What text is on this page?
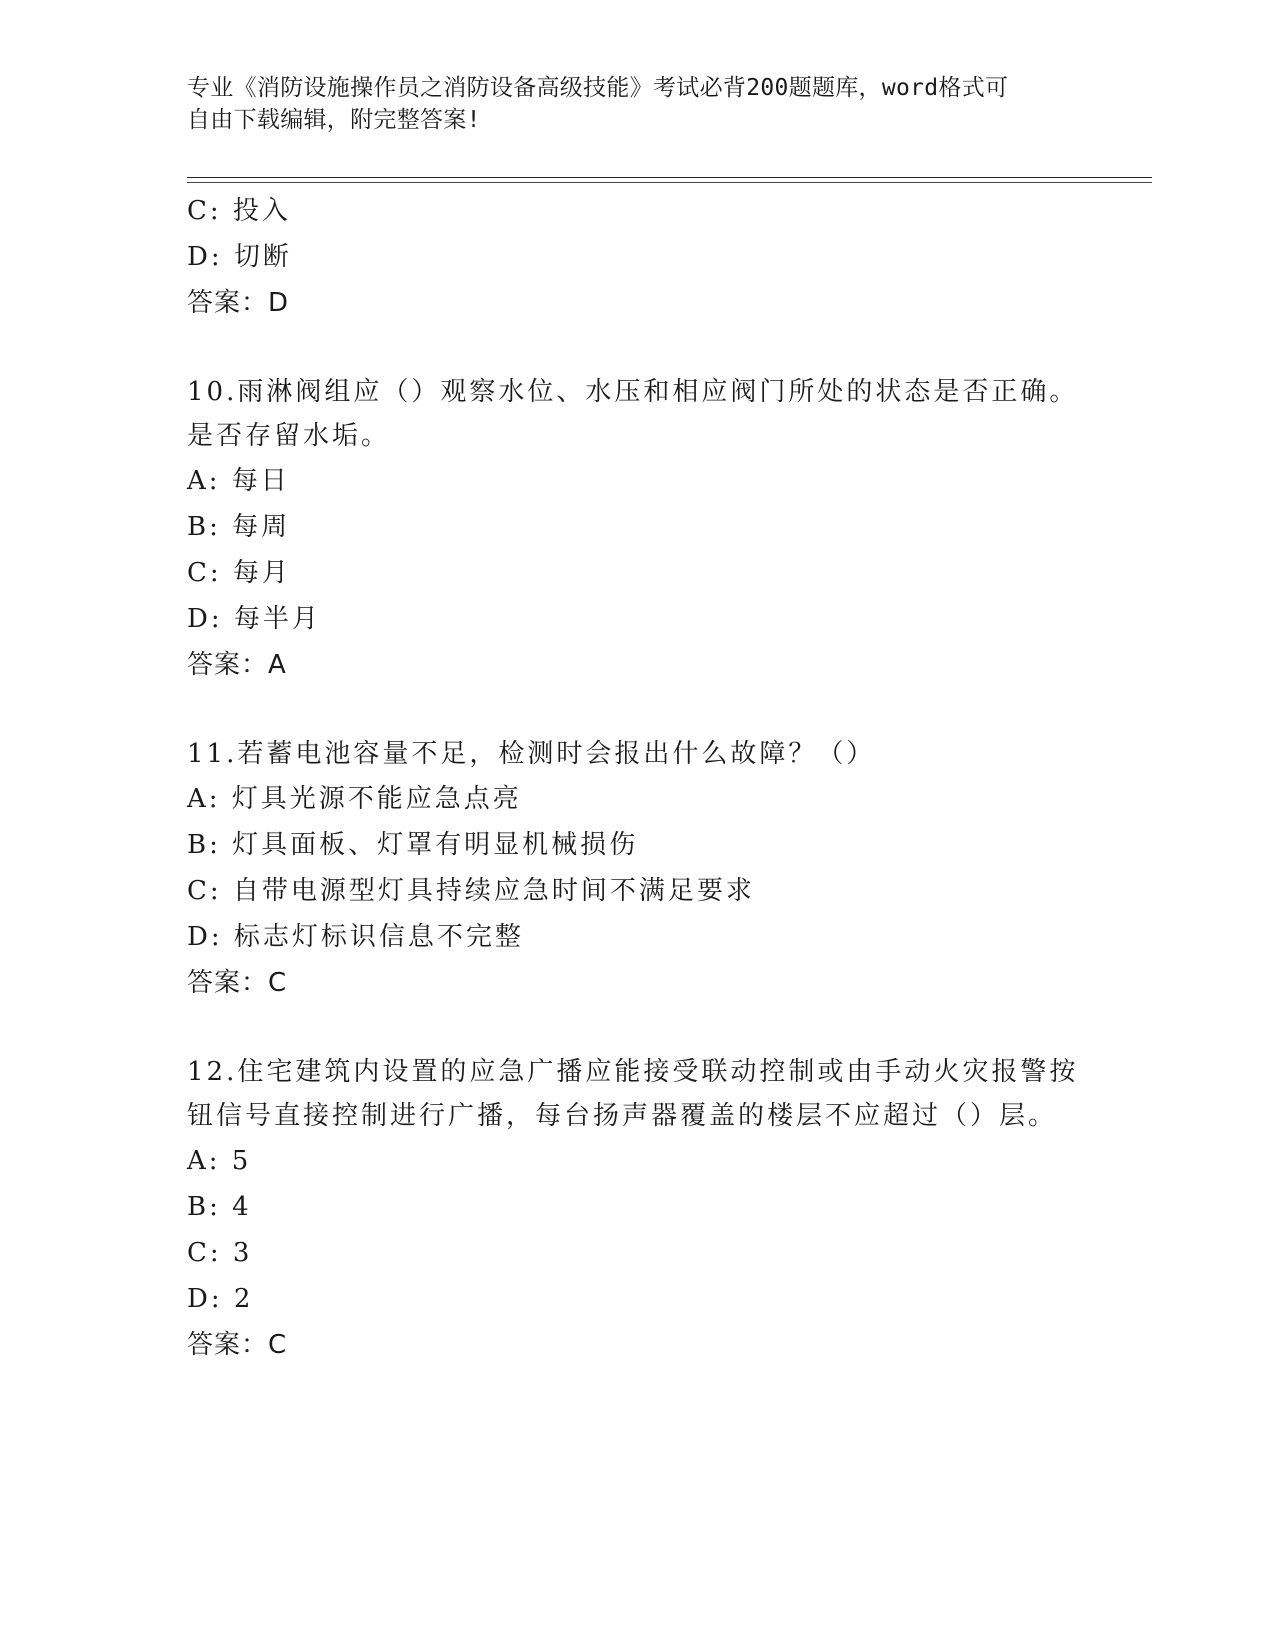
专业《消防设施操作员之消防设备高级技能》考试必背200题题库，word格式可
自由下载编辑，附完整答案!
C: 投入
D: 切断
答案：D
10.雨淋阀组应（）观察水位、水压和相应阀门所处的状态是否正确。
是否存留水垢。
A: 每日
B: 每周
C: 每月
D: 每半月
答案：A
11.若蓄电池容量不足，检测时会报出什么故障？（）
A: 灯具光源不能应急点亮
B: 灯具面板、灯罩有明显机械损伤
C: 自带电源型灯具持续应急时间不满足要求
D: 标志灯标识信息不完整
答案：C
12.住宅建筑内设置的应急广播应能接受联动控制或由手动火灾报警按
钮信号直接控制进行广播，每台扬声器覆盖的楼层不应超过（）层。
A: 5
B: 4
C: 3
D: 2
答案：C
